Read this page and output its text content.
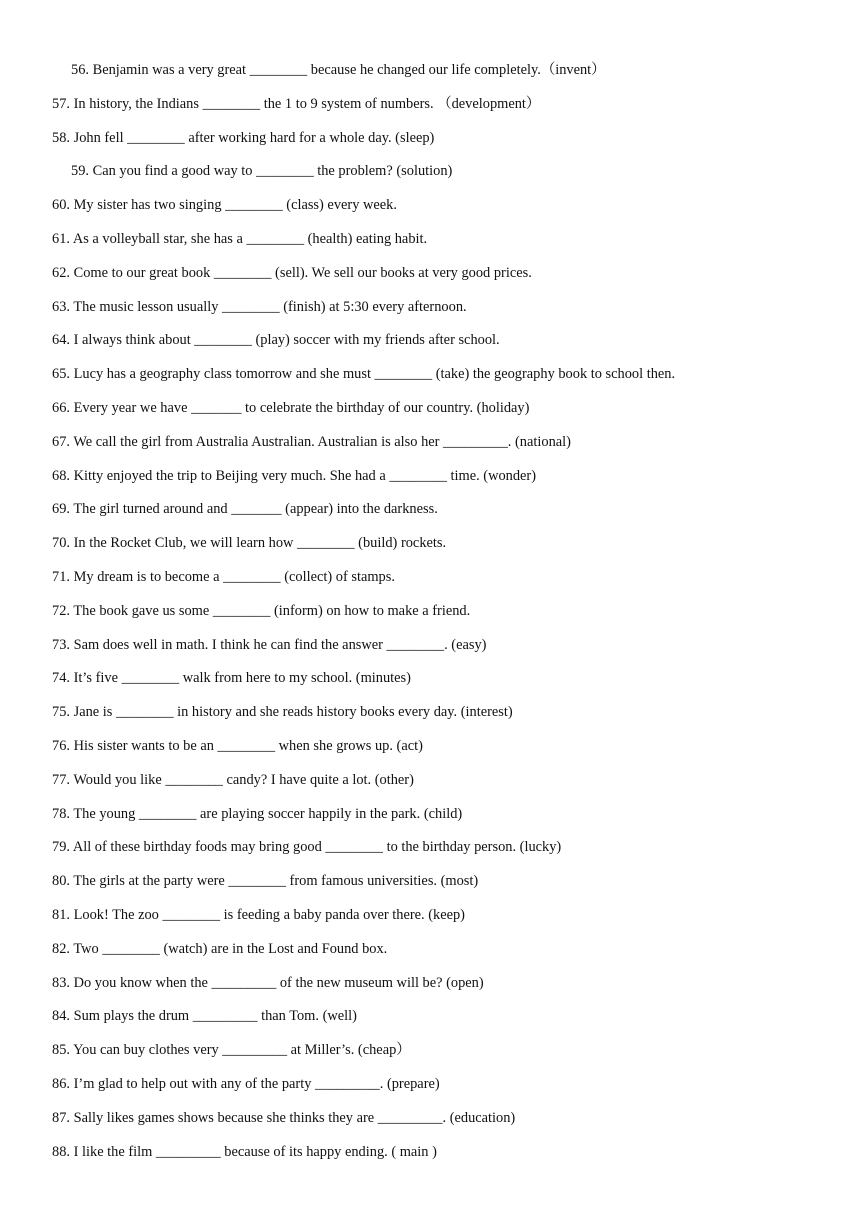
56. Benjamin was a very great ________ because he changed our life completely.（invent）
57. In history, the Indians ________ the 1 to 9 system of numbers. （development）
58. John fell ________ after working hard for a whole day. (sleep)
59. Can you find a good way to ________ the problem? (solution)
60. My sister has two singing ________ (class) every week.
61. As a volleyball star, she has a ________ (health) eating habit.
62. Come to our great book ________ (sell). We sell our books at very good prices.
63. The music lesson usually ________ (finish) at 5:30 every afternoon.
64. I always think about ________ (play) soccer with my friends after school.
65. Lucy has a geography class tomorrow and she must ________ (take) the geography book to school then.
66. Every year we have _______ to celebrate the birthday of our country. (holiday)
67. We call the girl from Australia Australian. Australian is also her _________. (national)
68. Kitty enjoyed the trip to Beijing very much. She had a ________ time. (wonder)
69. The girl turned around and _______ (appear) into the darkness.
70. In the Rocket Club, we will learn how ________ (build) rockets.
71. My dream is to become a ________ (collect) of stamps.
72. The book gave us some ________ (inform) on how to make a friend.
73. Sam does well in math. I think he can find the answer ________. (easy)
74. It’s five ________ walk from here to my school. (minutes)
75. Jane is ________ in history and she reads history books every day. (interest)
76. His sister wants to be an ________ when she grows up. (act)
77. Would you like ________ candy? I have quite a lot. (other)
78. The young ________ are playing soccer happily in the park. (child)
79. All of these birthday foods may bring good ________ to the birthday person. (lucky)
80. The girls at the party were ________ from famous universities. (most)
81. Look! The zoo ________ is feeding a baby panda over there. (keep)
82. Two ________ (watch) are in the Lost and Found box.
83. Do you know when the _________ of the new museum will be? (open)
84. Sum plays the drum _________ than Tom. (well)
85. You can buy clothes very _________ at Miller’s. (cheap）
86. I’m glad to help out with any of the party _________. (prepare)
87. Sally likes games shows because she thinks they are _________. (education)
88. I like the film _________ because of its happy ending. ( main )
